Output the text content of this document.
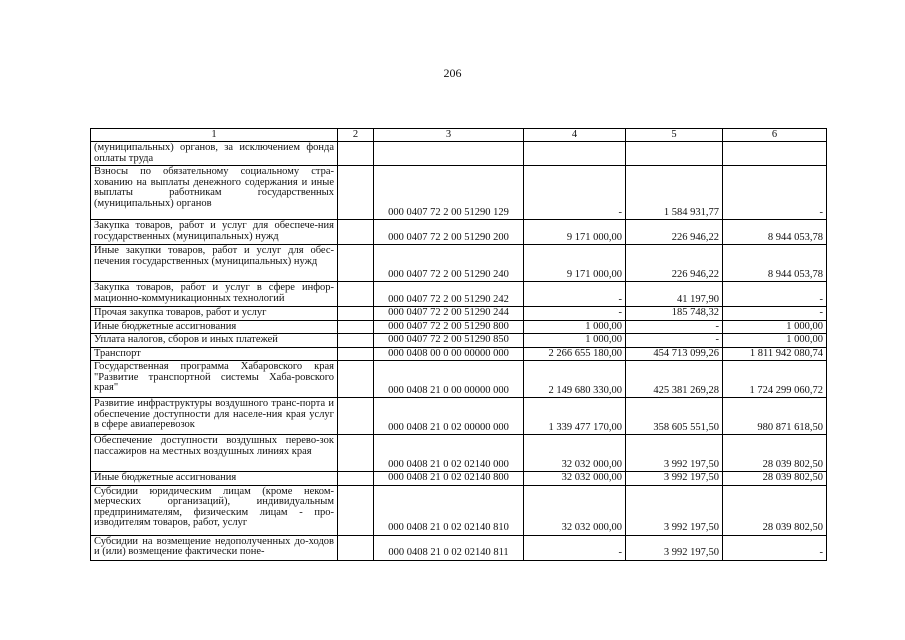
206
1	2	3	4	5	6
(муниципальных) органов, за исключением фонда оплаты труда					
Взносы по обязательному социальному стра-хованию на выплаты денежного содержания и иные выплаты работникам государственных (муниципальных) органов		000 0407 72 2 00 51290 129	-	1 584 931,77	-
Закупка товаров, работ и услуг для обеспече-ния государственных (муниципальных) нужд		000 0407 72 2 00 51290 200	9 171 000,00	226 946,22	8 944 053,78
Иные закупки товаров, работ и услуг для обес-печения государственных (муниципальных) нужд		000 0407 72 2 00 51290 240	9 171 000,00	226 946,22	8 944 053,78
Закупка товаров, работ и услуг в сфере инфор-мационно-коммуникационных технологий		000 0407 72 2 00 51290 242	-	41 197,90	-
Прочая закупка товаров, работ и услуг		000 0407 72 2 00 51290 244	-	185 748,32	-
Иные бюджетные ассигнования		000 0407 72 2 00 51290 800	1 000,00	-	1 000,00
Уплата налогов, сборов и иных платежей		000 0407 72 2 00 51290 850	1 000,00	-	1 000,00
Транспорт		000 0408 00 0 00 00000 000	2 266 655 180,00	454 713 099,26	1 811 942 080,74
Государственная программа Хабаровского края "Развитие транспортной системы Хаба-ровского края"		000 0408 21 0 00 00000 000	2 149 680 330,00	425 381 269,28	1 724 299 060,72
Развитие инфраструктуры воздушного транс-порта и обеспечение доступности для населе-ния края услуг в сфере авиаперевозок		000 0408 21 0 02 00000 000	1 339 477 170,00	358 605 551,50	980 871 618,50
Обеспечение доступности воздушных перево-зок пассажиров на местных воздушных линиях края		000 0408 21 0 02 02140 000	32 032 000,00	3 992 197,50	28 039 802,50
Иные бюджетные ассигнования		000 0408 21 0 02 02140 800	32 032 000,00	3 992 197,50	28 039 802,50
Субсидии юридическим лицам (кроме неком-мерческих организаций), индивидуальным предпринимателям, физическим лицам - про-изводителям товаров, работ, услуг		000 0408 21 0 02 02140 810	32 032 000,00	3 992 197,50	28 039 802,50
Субсидии на возмещение недополученных до-ходов и (или) возмещение фактически поне-		000 0408 21 0 02 02140 811	-	3 992 197,50	-
